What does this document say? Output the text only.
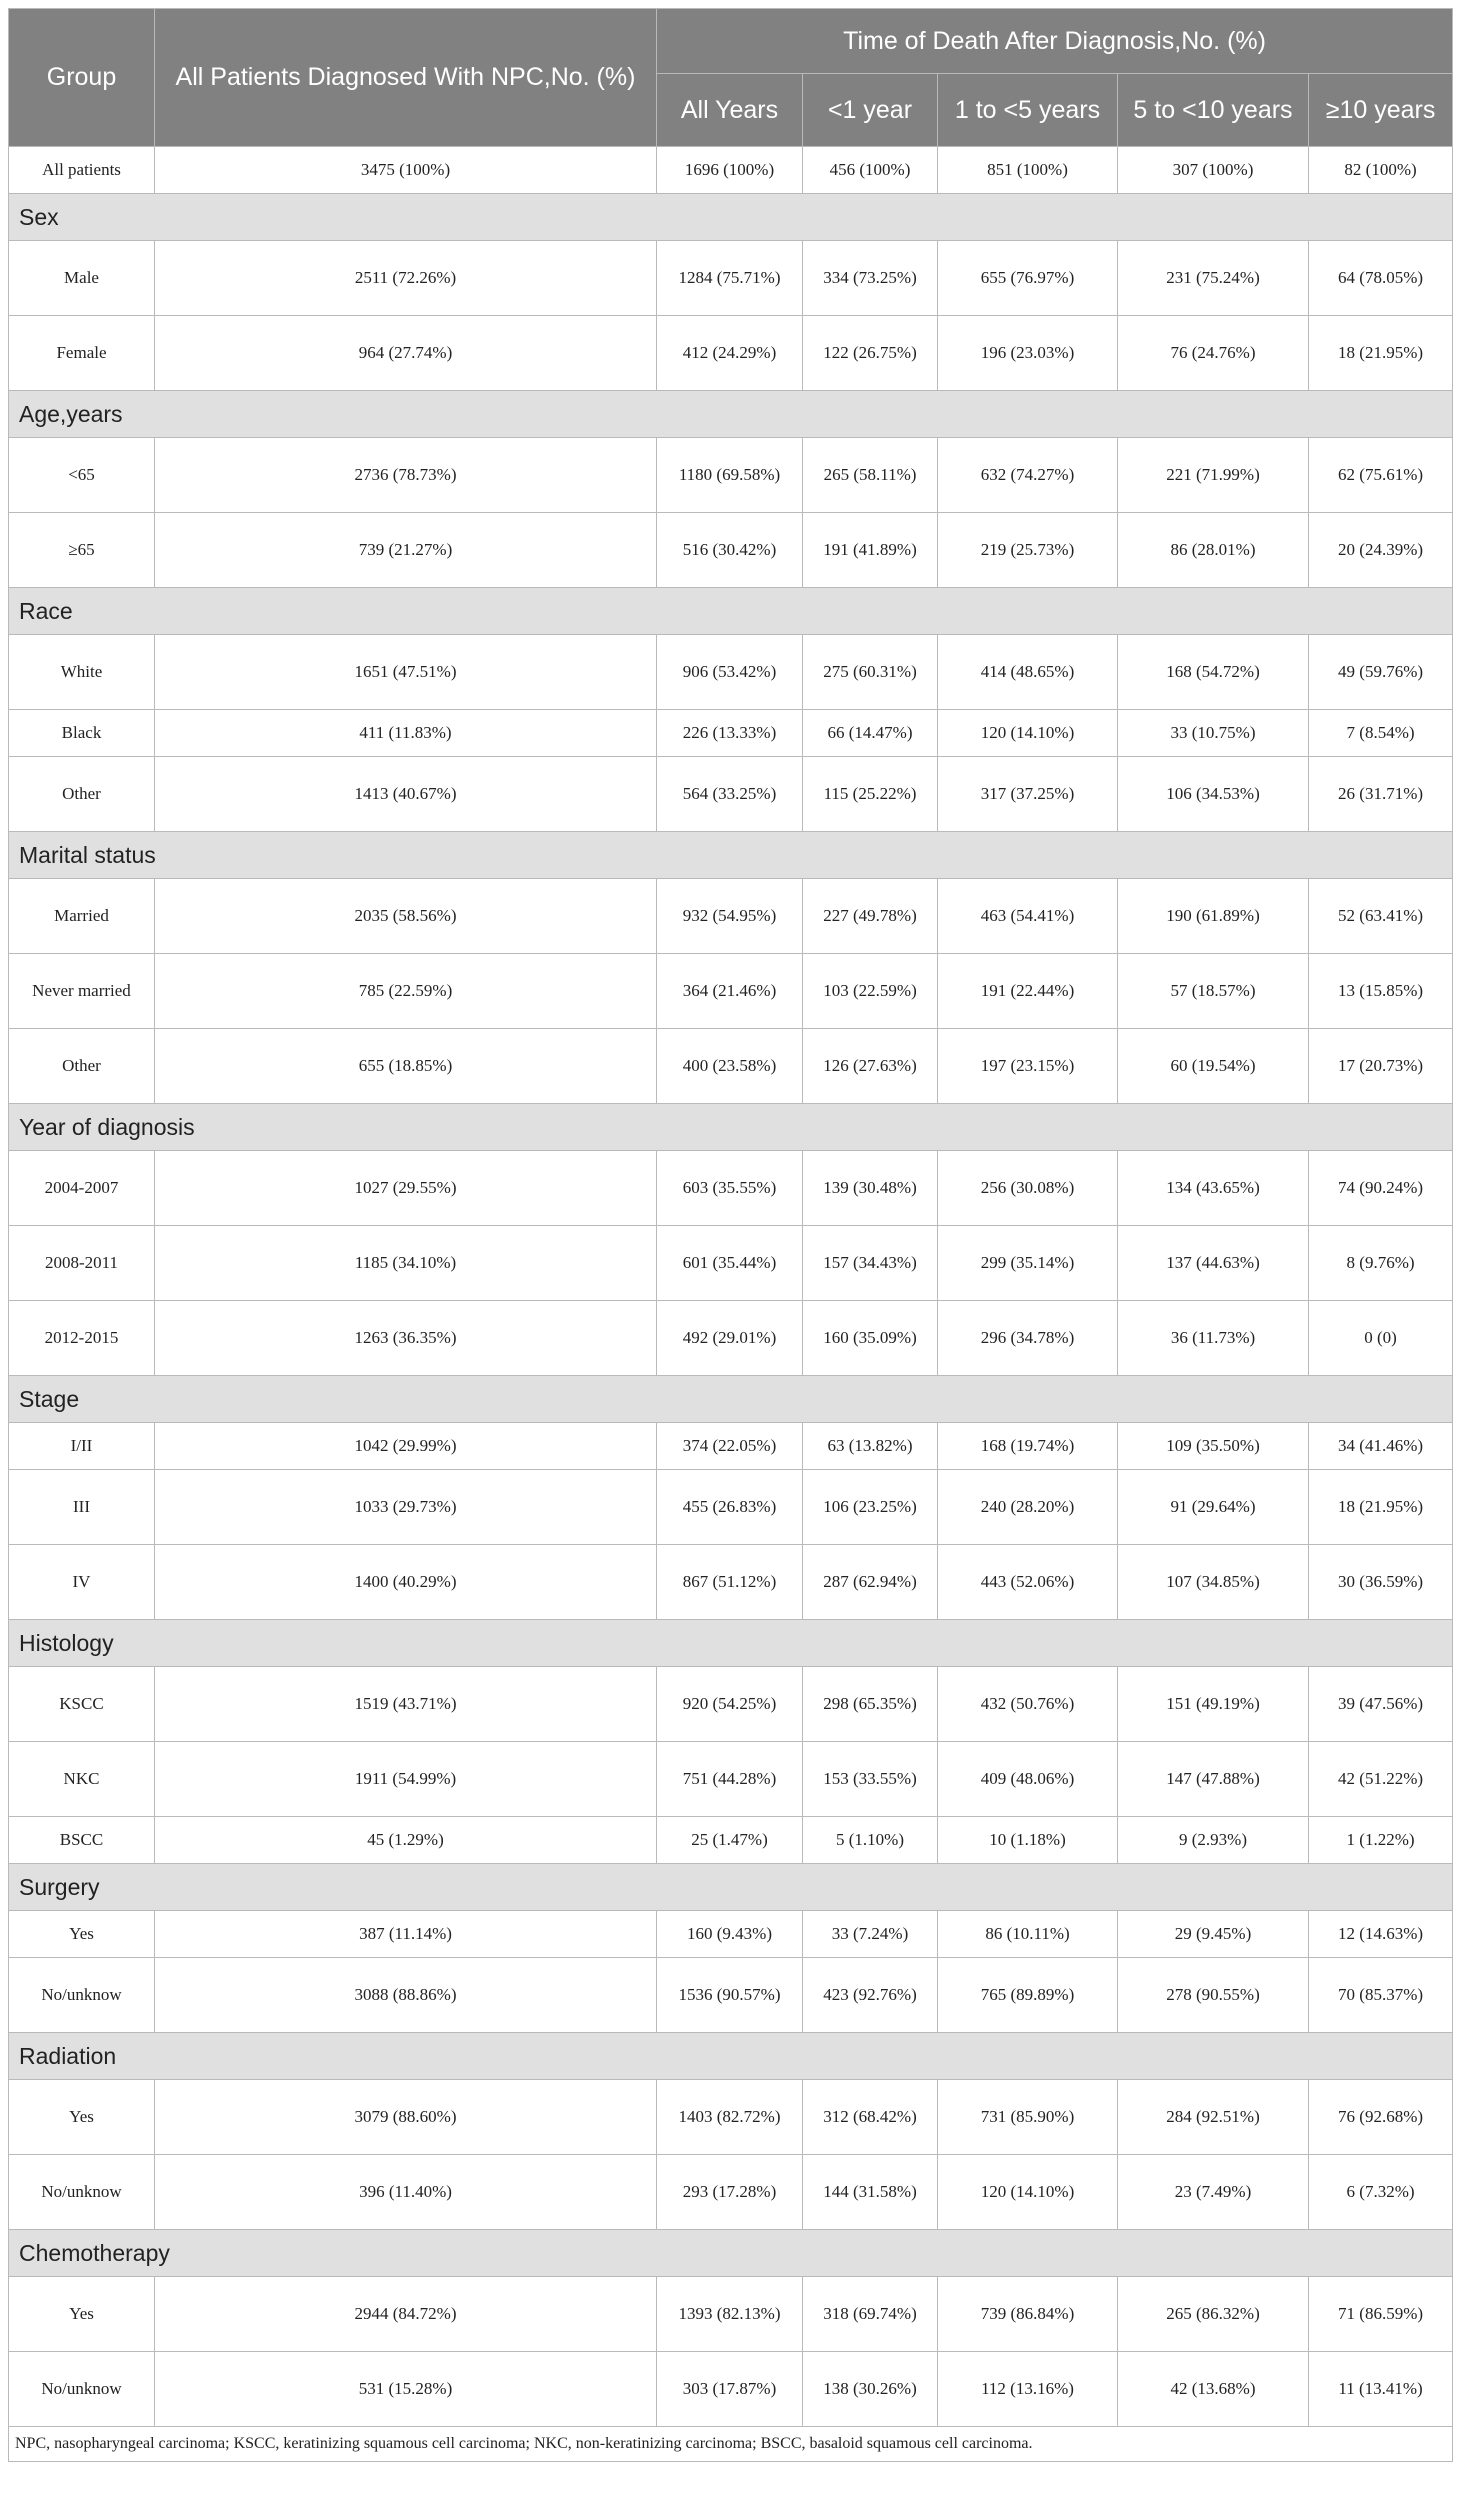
Group	All Patients Diagnosed With NPC,No. (%)	Time of Death After Diagnosis,No. (%)				
		All Years	<1 year	1 to <5 years	5 to <10 years	≥10 years
All patients	3475 (100%)	1696 (100%)	456 (100%)	851 (100%)	307 (100%)	82 (100%)
Sex						
Male	2511 (72.26%)	1284 (75.71%)	334 (73.25%)	655 (76.97%)	231 (75.24%)	64 (78.05%)
Female	964 (27.74%)	412 (24.29%)	122 (26.75%)	196 (23.03%)	76 (24.76%)	18 (21.95%)
Age,years						
<65	2736 (78.73%)	1180 (69.58%)	265 (58.11%)	632 (74.27%)	221 (71.99%)	62 (75.61%)
≥65	739 (21.27%)	516 (30.42%)	191 (41.89%)	219 (25.73%)	86 (28.01%)	20 (24.39%)
Race						
White	1651 (47.51%)	906 (53.42%)	275 (60.31%)	414 (48.65%)	168 (54.72%)	49 (59.76%)
Black	411 (11.83%)	226 (13.33%)	66 (14.47%)	120 (14.10%)	33 (10.75%)	7 (8.54%)
Other	1413 (40.67%)	564 (33.25%)	115 (25.22%)	317 (37.25%)	106 (34.53%)	26 (31.71%)
Marital status						
Married	2035 (58.56%)	932 (54.95%)	227 (49.78%)	463 (54.41%)	190 (61.89%)	52 (63.41%)
Never married	785 (22.59%)	364 (21.46%)	103 (22.59%)	191 (22.44%)	57 (18.57%)	13 (15.85%)
Other	655 (18.85%)	400 (23.58%)	126 (27.63%)	197 (23.15%)	60 (19.54%)	17 (20.73%)
Year of diagnosis						
2004-2007	1027 (29.55%)	603 (35.55%)	139 (30.48%)	256 (30.08%)	134 (43.65%)	74 (90.24%)
2008-2011	1185 (34.10%)	601 (35.44%)	157 (34.43%)	299 (35.14%)	137 (44.63%)	8 (9.76%)
2012-2015	1263 (36.35%)	492 (29.01%)	160 (35.09%)	296 (34.78%)	36 (11.73%)	0 (0)
Stage						
I/II	1042 (29.99%)	374 (22.05%)	63 (13.82%)	168 (19.74%)	109 (35.50%)	34 (41.46%)
III	1033 (29.73%)	455 (26.83%)	106 (23.25%)	240 (28.20%)	91 (29.64%)	18 (21.95%)
IV	1400 (40.29%)	867 (51.12%)	287 (62.94%)	443 (52.06%)	107 (34.85%)	30 (36.59%)
Histology						
KSCC	1519 (43.71%)	920 (54.25%)	298 (65.35%)	432 (50.76%)	151 (49.19%)	39 (47.56%)
NKC	1911 (54.99%)	751 (44.28%)	153 (33.55%)	409 (48.06%)	147 (47.88%)	42 (51.22%)
BSCC	45 (1.29%)	25 (1.47%)	5 (1.10%)	10 (1.18%)	9 (2.93%)	1 (1.22%)
Surgery						
Yes	387 (11.14%)	160 (9.43%)	33 (7.24%)	86 (10.11%)	29 (9.45%)	12 (14.63%)
No/unknow	3088 (88.86%)	1536 (90.57%)	423 (92.76%)	765 (89.89%)	278 (90.55%)	70 (85.37%)
Radiation						
Yes	3079 (88.60%)	1403 (82.72%)	312 (68.42%)	731 (85.90%)	284 (92.51%)	76 (92.68%)
No/unknow	396 (11.40%)	293 (17.28%)	144 (31.58%)	120 (14.10%)	23 (7.49%)	6 (7.32%)
Chemotherapy						
Yes	2944 (84.72%)	1393 (82.13%)	318 (69.74%)	739 (86.84%)	265 (86.32%)	71 (86.59%)
No/unknow	531 (15.28%)	303 (17.87%)	138 (30.26%)	112 (13.16%)	42 (13.68%)	11 (13.41%)
NPC, nasopharyngeal carcinoma; KSCC, keratinizing squamous cell carcinoma; NKC, non-keratinizing carcinoma; BSCC, basaloid squamous cell carcinoma.						
